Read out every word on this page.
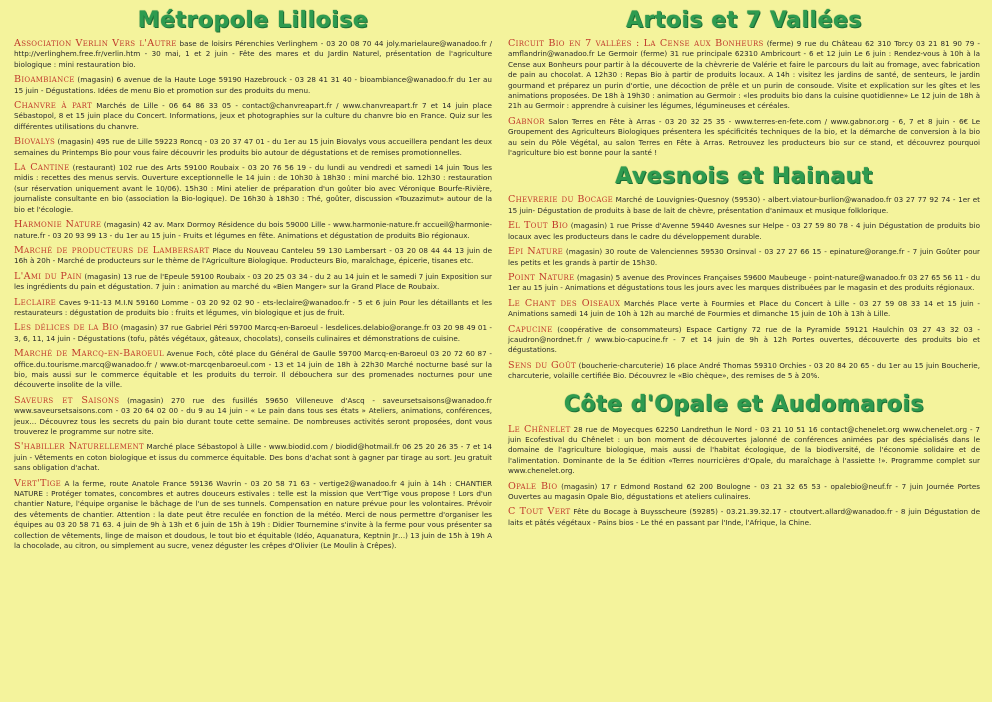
Métropole Lilloise

Association Verlin Vers l'Autre base de loisirs Pérenchies Verlinghem - 03 20 08 70 44 joly.marielaure@wanadoo.fr / http://verlinghem.free.fr/verlin.htm - 30 mai, 1 et 2 juin - Fête des mares et du Jardin Naturel, présentation de l'agriculture biologique : mini restauration bio.

Bioambiance (magasin) 6 avenue de la Haute Loge 59190 Hazebrouck - 03 28 41 31 40 - bioambiance@wanadoo.fr du 1er au 15 juin - Dégustations. Idées de menu Bio et promotion sur des produits du menu.

Chanvre à part Marchés de Lille - 06 64 86 33 05 - contact@chanvreapart.fr / www.chanvreapart.fr 7 et 14 juin place Sébastopol, 8 et 15 juin place du Concert. Informations, jeux et photographies sur la culture du chanvre bio en France. Quiz sur les différentes utilisations du chanvre.

Biovalys (magasin) 495 rue de Lille 59223 Roncq - 03 20 37 47 01 - du 1er au 15 juin Biovalys vous accueillera pendant les deux semaines du Printemps Bio pour vous faire découvrir les produits bio autour de dégustations et de remises promotionnelles.

La Cantine (restaurant) 102 rue des Arts 59100 Roubaix - 03 20 76 56 19 - du lundi au vendredi et samedi 14 juin Tous les midis : recettes des menus servis. Ouverture exceptionnelle le 14 juin : de 10h30 à 18h30 : mini marché bio. 12h30 : restauration (sur réservation uniquement avant le 10/06). 15h30 : Mini atelier de préparation d'un goûter bio avec Véronique Bourfe-Rivière, journaliste consultante en bio (association la Bio-logique). De 16h30 à 18h30 : Thé, goûter, discussion «Touzazimut» autour de la bio et l'écologie.

Harmonie Nature (magasin) 42 av. Marx Dormoy Résidence du bois 59000 Lille - www.harmonie-nature.fr accueil@harmonie-nature.fr - 03 20 93 99 13 - du 1er au 15 juin - Fruits et légumes en fête. Animations et dégustation de produits Bio régionaux.

Marché de producteurs de Lambersart Place du Nouveau Canteleu 59 130 Lambersart - 03 20 08 44 44 13 juin de 16h à 20h - Marché de producteurs sur le thème de l'Agriculture Biologique. Producteurs Bio, maraîchage, épicerie, tisanes etc.

L'Ami du Pain (magasin) 13 rue de l'Epeule 59100 Roubaix - 03 20 25 03 34 - du 2 au 14 juin et le samedi 7 juin Exposition sur les ingrédients du pain et dégustation. 7 juin : animation au marché du «Bien Manger» sur la Grand Place de Roubaix.

Leclaire Caves 9-11-13 M.I.N 59160 Lomme - 03 20 92 02 90 - ets-leclaire@wanadoo.fr - 5 et 6 juin Pour les détaillants et les restaurateurs : dégustation de produits bio : fruits et légumes, vin biologique et jus de fruit.

Les délices de la Bio (magasin) 37 rue Gabriel Péri 59700 Marcq-en-Baroeul - lesdelices.delabio@orange.fr 03 20 98 49 01 - 3, 6, 11, 14 juin - Dégustations (tofu, pâtés végétaux, gâteaux, chocolats), conseils culinaires et démonstrations de cuisine.

Marché de Marcq-en-Baroeul Avenue Foch, côté place du Général de Gaulle 59700 Marcq-en-Baroeul 03 20 72 60 87 - office.du.tourisme.marcq@wanadoo.fr / www.ot-marcqenbaroeul.com - 13 et 14 juin de 18h à 22h30 Marché nocturne basé sur la bio, mais aussi sur le commerce équitable et les produits du terroir. Il débouchera sur des promenades nocturnes pour une découverte insolite de la ville.

Saveurs et Saisons (magasin) 270 rue des fusillés 59650 Villeneuve d'Ascq - saveursetsaisons@wanadoo.fr www.saveursetsaisons.com - 03 20 64 02 00 - du 9 au 14 juin - « Le pain dans tous ses états » Ateliers, animations, conférences, jeux… Découvrez tous les secrets du pain bio durant toute cette semaine. De nombreuses activités seront proposées, dont vous trouverez le programme sur notre site.

S'habiller Naturellement Marché place Sébastopol à Lille - www.biodid.com / biodid@hotmail.fr 06 25 20 26 35 - 7 et 14 juin - Vêtements en coton biologique et issus du commerce équitable. Des bons d'achat sont à gagner par tirage au sort. Jeu gratuit sans obligation d'achat.

Vert'Tige A la ferme, route Anatole France 59136 Wavrin - 03 20 58 71 63 - vertige2@wanadoo.fr 4 juin à 14h : CHANTIER NATURE : Protéger tomates, concombres et autres douceurs estivales : telle est la mission que Vert'Tige vous propose ! Lors d'un chantier Nature, l'équipe organise le bâchage de l'un de ses tunnels. Compensation en nature prévue pour les volontaires. Prévoir des vêtements de chantier. Attention : la date peut être reculée en fonction de la météo. Merci de nous permettre d'organiser les équipes au 03 20 58 71 63. 4 juin de 9h à 13h et 6 juin de 15h à 19h : Didier Tournemine s'invite à la ferme pour vous présenter sa collection de vêtements, linge de maison et doudous, le tout bio et équitable (Idéo, Aquanatura, Keptnin Jr…) 13 juin de 15h à 19h A la chocolade, au citron, ou simplement au sucre, venez déguster les crêpes d'Olivier (Le Moulin à Crêpes).

Artois et 7 Vallées

Circuit Bio en 7 vallées : La Cense aux Bonheurs (ferme) 9 rue du Château 62 310 Torcy 03 21 81 90 79 - amflandrin@wanadoo.fr Le Germoir (ferme) 31 rue principale 62310 Ambricourt - 6 et 12 juin Le 6 juin : Rendez-vous à 10h à la Cense aux Bonheurs pour partir à la découverte de la chèvrerie de Valérie et faire le parcours du lait au fromage, avec fabrication de pain au chocolat. A 12h30 : Repas Bio à partir de produits locaux. A 14h : visitez les jardins de santé, de senteurs, le jardin gourmand et préparez un purin d'ortie, une décoction de prêle et un purin de consoude. Visite et explication sur les gîtes et les animations proposées. De 18h à 19h30 : animation au Germoir : «les produits bio dans la cuisine quotidienne» Le 12 juin de 18h à 21h au Germoir : apprendre à cuisiner les légumes, légumineuses et céréales.

Gabnor Salon Terres en Fête à Arras - 03 20 32 25 35 - www.terres-en-fete.com / www.gabnor.org - 6, 7 et 8 juin - 6€ Le Groupement des Agriculteurs Biologiques présentera les spécificités techniques de la bio, et la démarche de conversion à la bio au sein du Pôle Végétal, au salon Terres en Fête à Arras. Retrouvez les producteurs bio sur ce stand, et découvrez pourquoi l'agriculture bio est bonne pour la santé !

Avesnois et Hainaut

Chevrerie du Bocage Marché de Louvignies-Quesnoy (59530) - albert.viatour-burlion@wanadoo.fr 03 27 77 92 74 - 1er et 15 juin- Dégustation de produits à base de lait de chèvre, présentation d'animaux et musique folklorique.

El Tout Bio (magasin) 1 rue Prisse d'Avenne 59440 Avesnes sur Helpe - 03 27 59 80 78 - 4 juin Dégustation de produits bio locaux avec les producteurs dans le cadre du développement durable.

Epi Nature (magasin) 30 route de Valenciennes 59530 Orsinval - 03 27 27 66 15 - epinature@orange.fr - 7 juin Goûter pour les petits et les grands à partir de 15h30.

Point Nature (magasin) 5 avenue des Provinces Françaises 59600 Maubeuge - point-nature@wanadoo.fr 03 27 65 56 11 - du 1er au 15 juin - Animations et dégustations tous les jours avec les marques distribuées par le magasin et des produits régionaux.

Le Chant des Oiseaux Marchés Place verte à Fourmies et Place du Concert à Lille - 03 27 59 08 33 14 et 15 juin - Animations samedi 14 juin de 10h à 12h au marché de Fourmies et dimanche 15 juin de 10h à 13h à Lille.

Capucine (coopérative de consommateurs) Espace Cartigny 72 rue de la Pyramide 59121 Haulchin 03 27 43 32 03 - jcaudron@nordnet.fr / www.bio-capucine.fr - 7 et 14 juin de 9h à 12h Portes ouvertes, découverte des produits bio et dégustations.

Sens du Goût (boucherie-charcuterie) 16 place André Thomas 59310 Orchies - 03 20 84 20 65 - du 1er au 15 juin Boucherie, charcuterie, volaille certifiée Bio. Découvrez le «Bio chèque», des remises de 5 à 20%.

Côte d'Opale et Audomarois

Le Chênelet 28 rue de Moyecques 62250 Landrethun le Nord - 03 21 10 51 16 contact@chenelet.org www.chenelet.org - 7 juin Ecofestival du Chênelet : un bon moment de découvertes jalonné de conférences animées par des spécialisés dans le domaine de l'agriculture biologique, mais aussi de l'habitat écologique, de la biodiversité, de l'économie solidaire et de l'alimentation. Dominante de la 5e édition «Terres nourricières d'Opale, du maraîchage à l'assiette !». Programme complet sur www.chenelet.org.

Opale Bio (magasin) 17 r Edmond Rostand 62 200 Boulogne - 03 21 32 65 53 - opalebio@neuf.fr - 7 juin Journée Portes Ouvertes au magasin Opale Bio, dégustations et ateliers culinaires.

C Tout Vert Fête du Bocage à Buysscheure (59285) - 03.21.39.32.17 - ctoutvert.allard@wanadoo.fr - 8 juin Dégustation de laits et pâtés végétaux - Pains bios - Le thé en passant par l'Inde, l'Afrique, la Chine.
